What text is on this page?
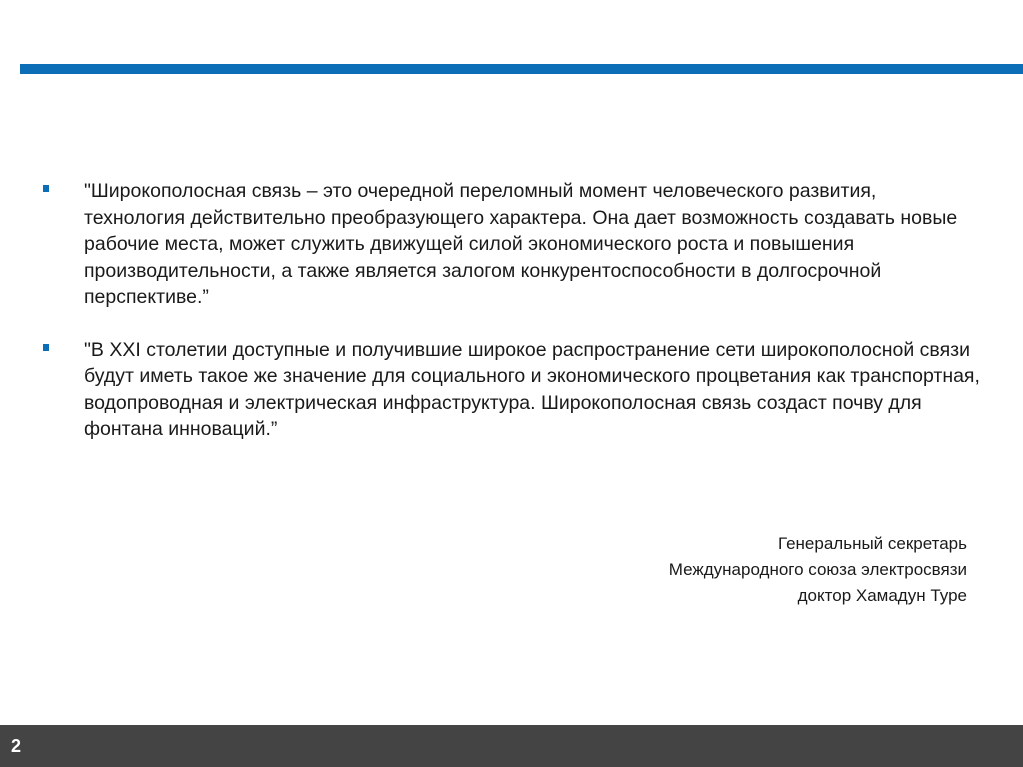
"Широкополосная связь – это очередной переломный момент человеческого развития, технология действительно преобразующего характера. Она дает возможность создавать новые рабочие места, может служить движущей силой экономического роста и повышения производительности, а также является залогом конкурентоспособности в долгосрочной перспективе.”
"В XXI столетии доступные и получившие широкое распространение сети широкополосной связи будут иметь такое же значение для социального и экономического процветания как транспортная, водопроводная и электрическая инфраструктура. Широкополосная связь создаст почву для фонтана инноваций.”
Генеральный секретарь
Международного союза электросвязи
доктор Хамадун Туре
2
